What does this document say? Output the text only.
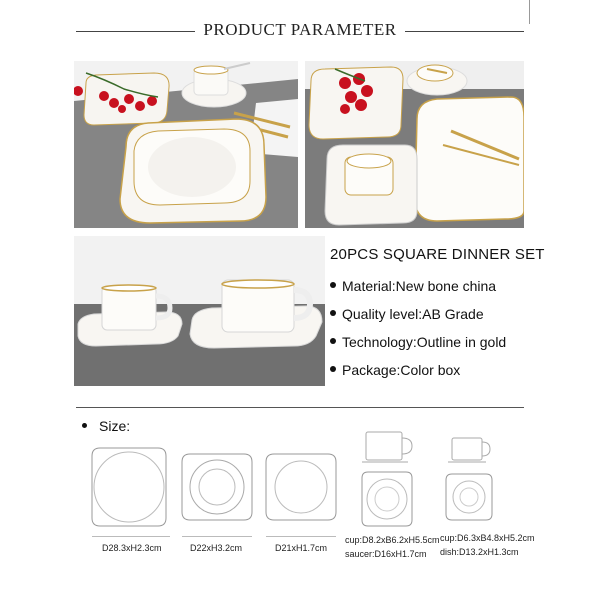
PRODUCT PARAMETER
20PCS SQUARE DINNER SET
Material:New bone china
Quality level:AB Grade
Technology:Outline in gold
Package:Color box
Size:
D28.3xH2.3cm	D22xH3.2cm	D21xH1.7cm
cup:D8.2xB6.2xH5.5cm
saucer:D16xH1.7cm
cup:D6.3xB4.8xH5.2cm
dish:D13.2xH1.3cm
